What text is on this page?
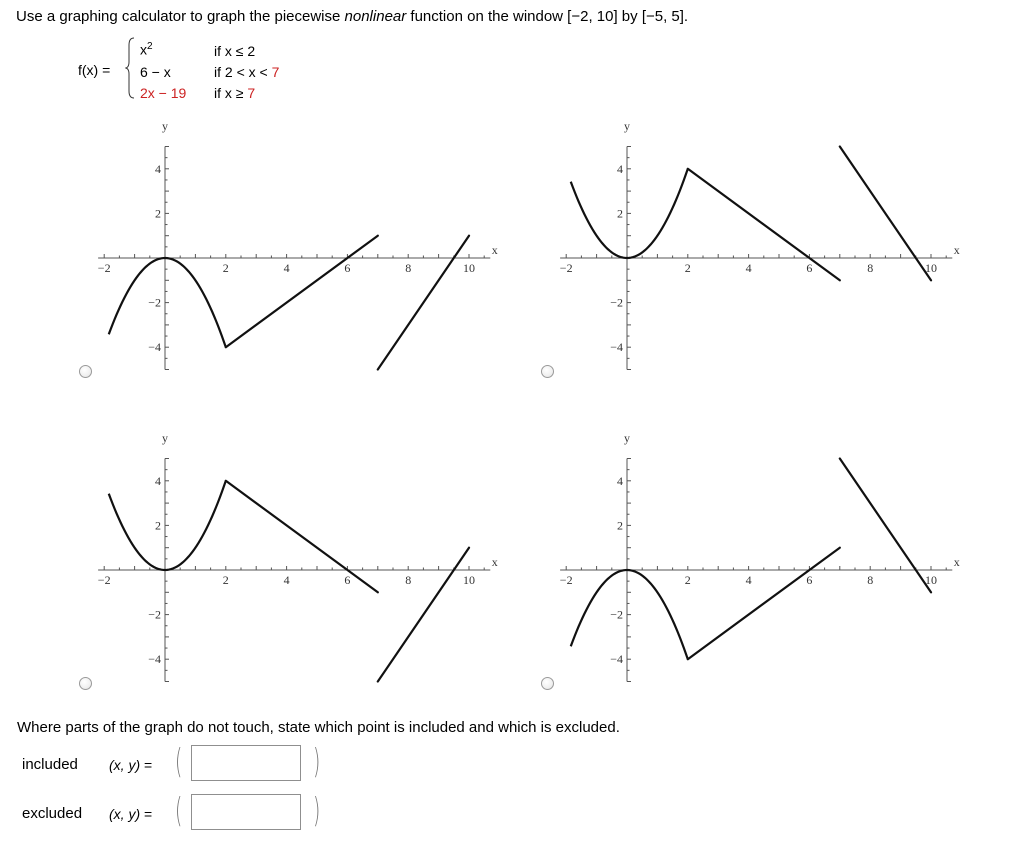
Use a graphing calculator to graph the piecewise nonlinear function on the window [−2, 10] by [−5, 5].
f(x) =
$x^2$	if x ≤ 2
6 − x	if 2 < x < 7
2x − 19 if x ≥ 7
−2	2	4	6	8	10
4
2
−2
−4
x
y
−2	2	4	6	8	10
4
2
−2
−4
x
y
−2	2	4	6	8	10
4
2
−2
−4
x
y
−2	2	4	6	8	10
4
2
−2
−4
x
y
Where parts of the graph do not touch, state which point is included and which is excluded.
included (x, y) = (	)
excluded (x, y) = (	)
